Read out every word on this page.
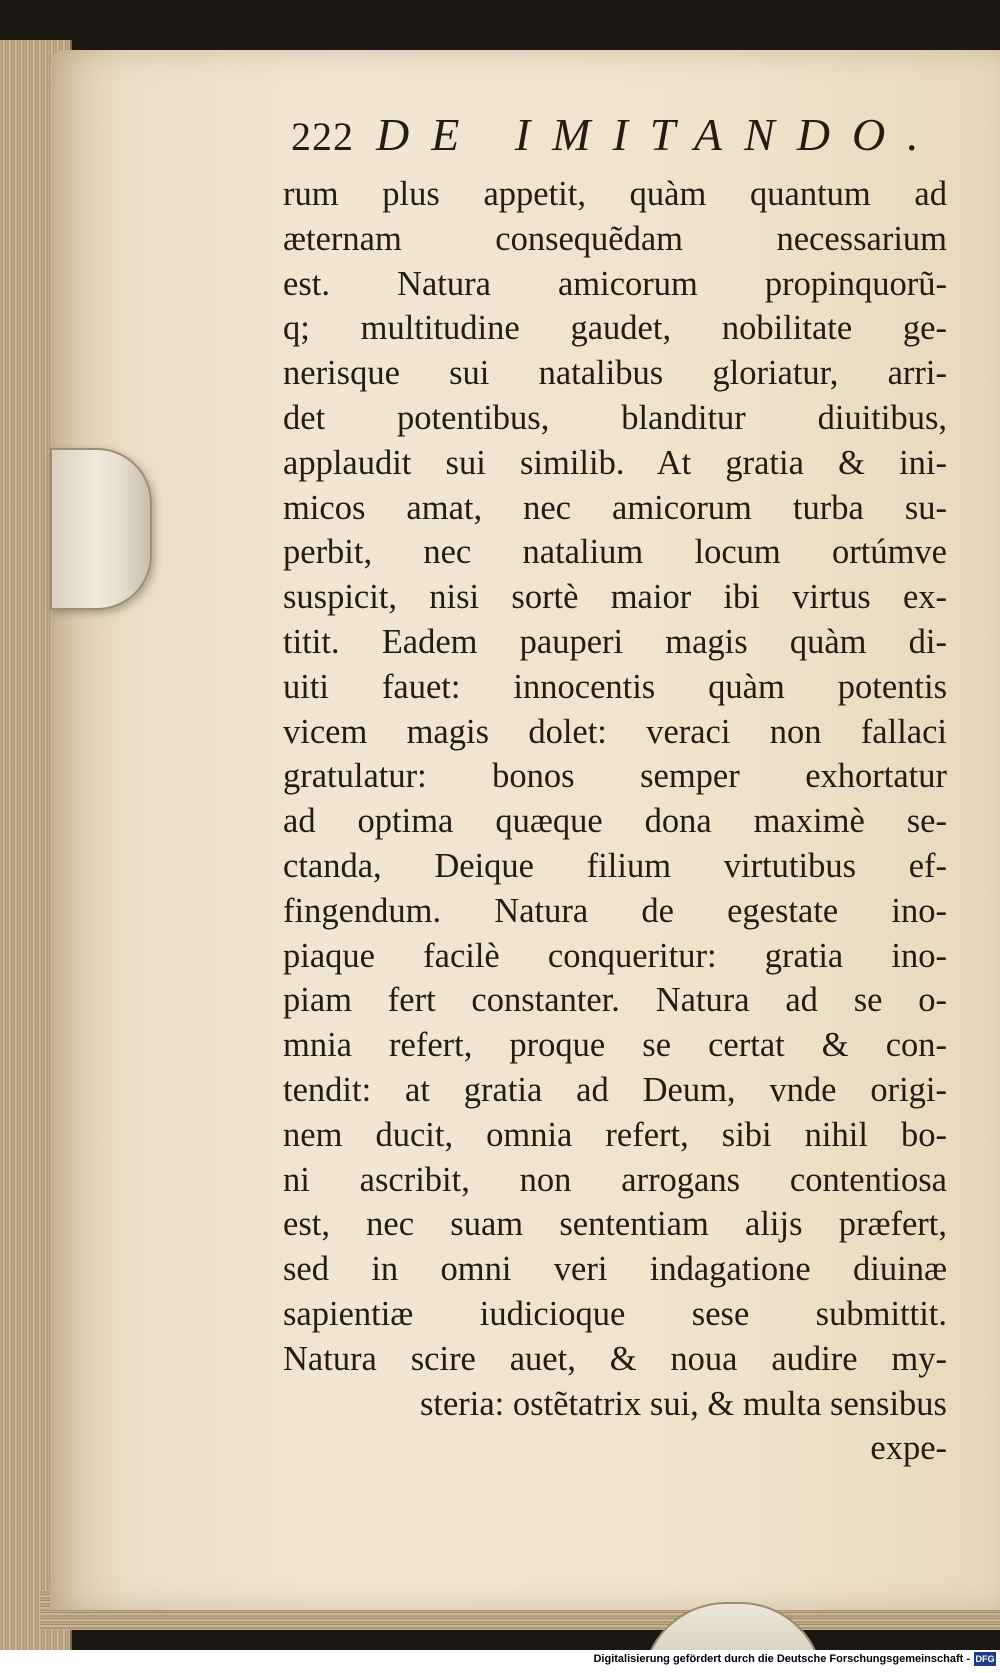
222 DE IMITANDO.
rum plus appetit, quàm quantum ad
æternam consequẽdam necessarium
est. Natura amicorum propinquorũ-
q; multitudine gaudet, nobilitate ge-
nerisque sui natalibus gloriatur, arri-
det potentibus, blanditur diuitibus,
applaudit sui similib. At gratia & ini-
micos amat, nec amicorum turba su-
perbit, nec natalium locum ortúmve
suspicit, nisi sortè maior ibi virtus ex-
titit. Eadem pauperi magis quàm di-
uiti fauet: innocentis quàm potentis
vicem magis dolet: veraci non fallaci
gratulatur: bonos semper exhortatur
ad optima quæque dona maximè se-
ctanda, Deique filium virtutibus ef-
fingendum. Natura de egestate ino-
piaque facilè conqueritur: gratia ino-
piam fert constanter. Natura ad se o-
mnia refert, proque se certat & con-
tendit: at gratia ad Deum, vnde origi-
nem ducit, omnia refert, sibi nihil bo-
ni ascribit, non arrogans contentiosa
est, nec suam sententiam alijs præfert,
sed in omni veri indagatione diuinæ
sapientiæ iudicioque sese submittit.
Natura scire auet, & noua audire my-
steria: ostẽtatrix sui, & multa sensibus
expe-
Digitalisierung gefördert durch die Deutsche Forschungsgemeinschaft - DFG
